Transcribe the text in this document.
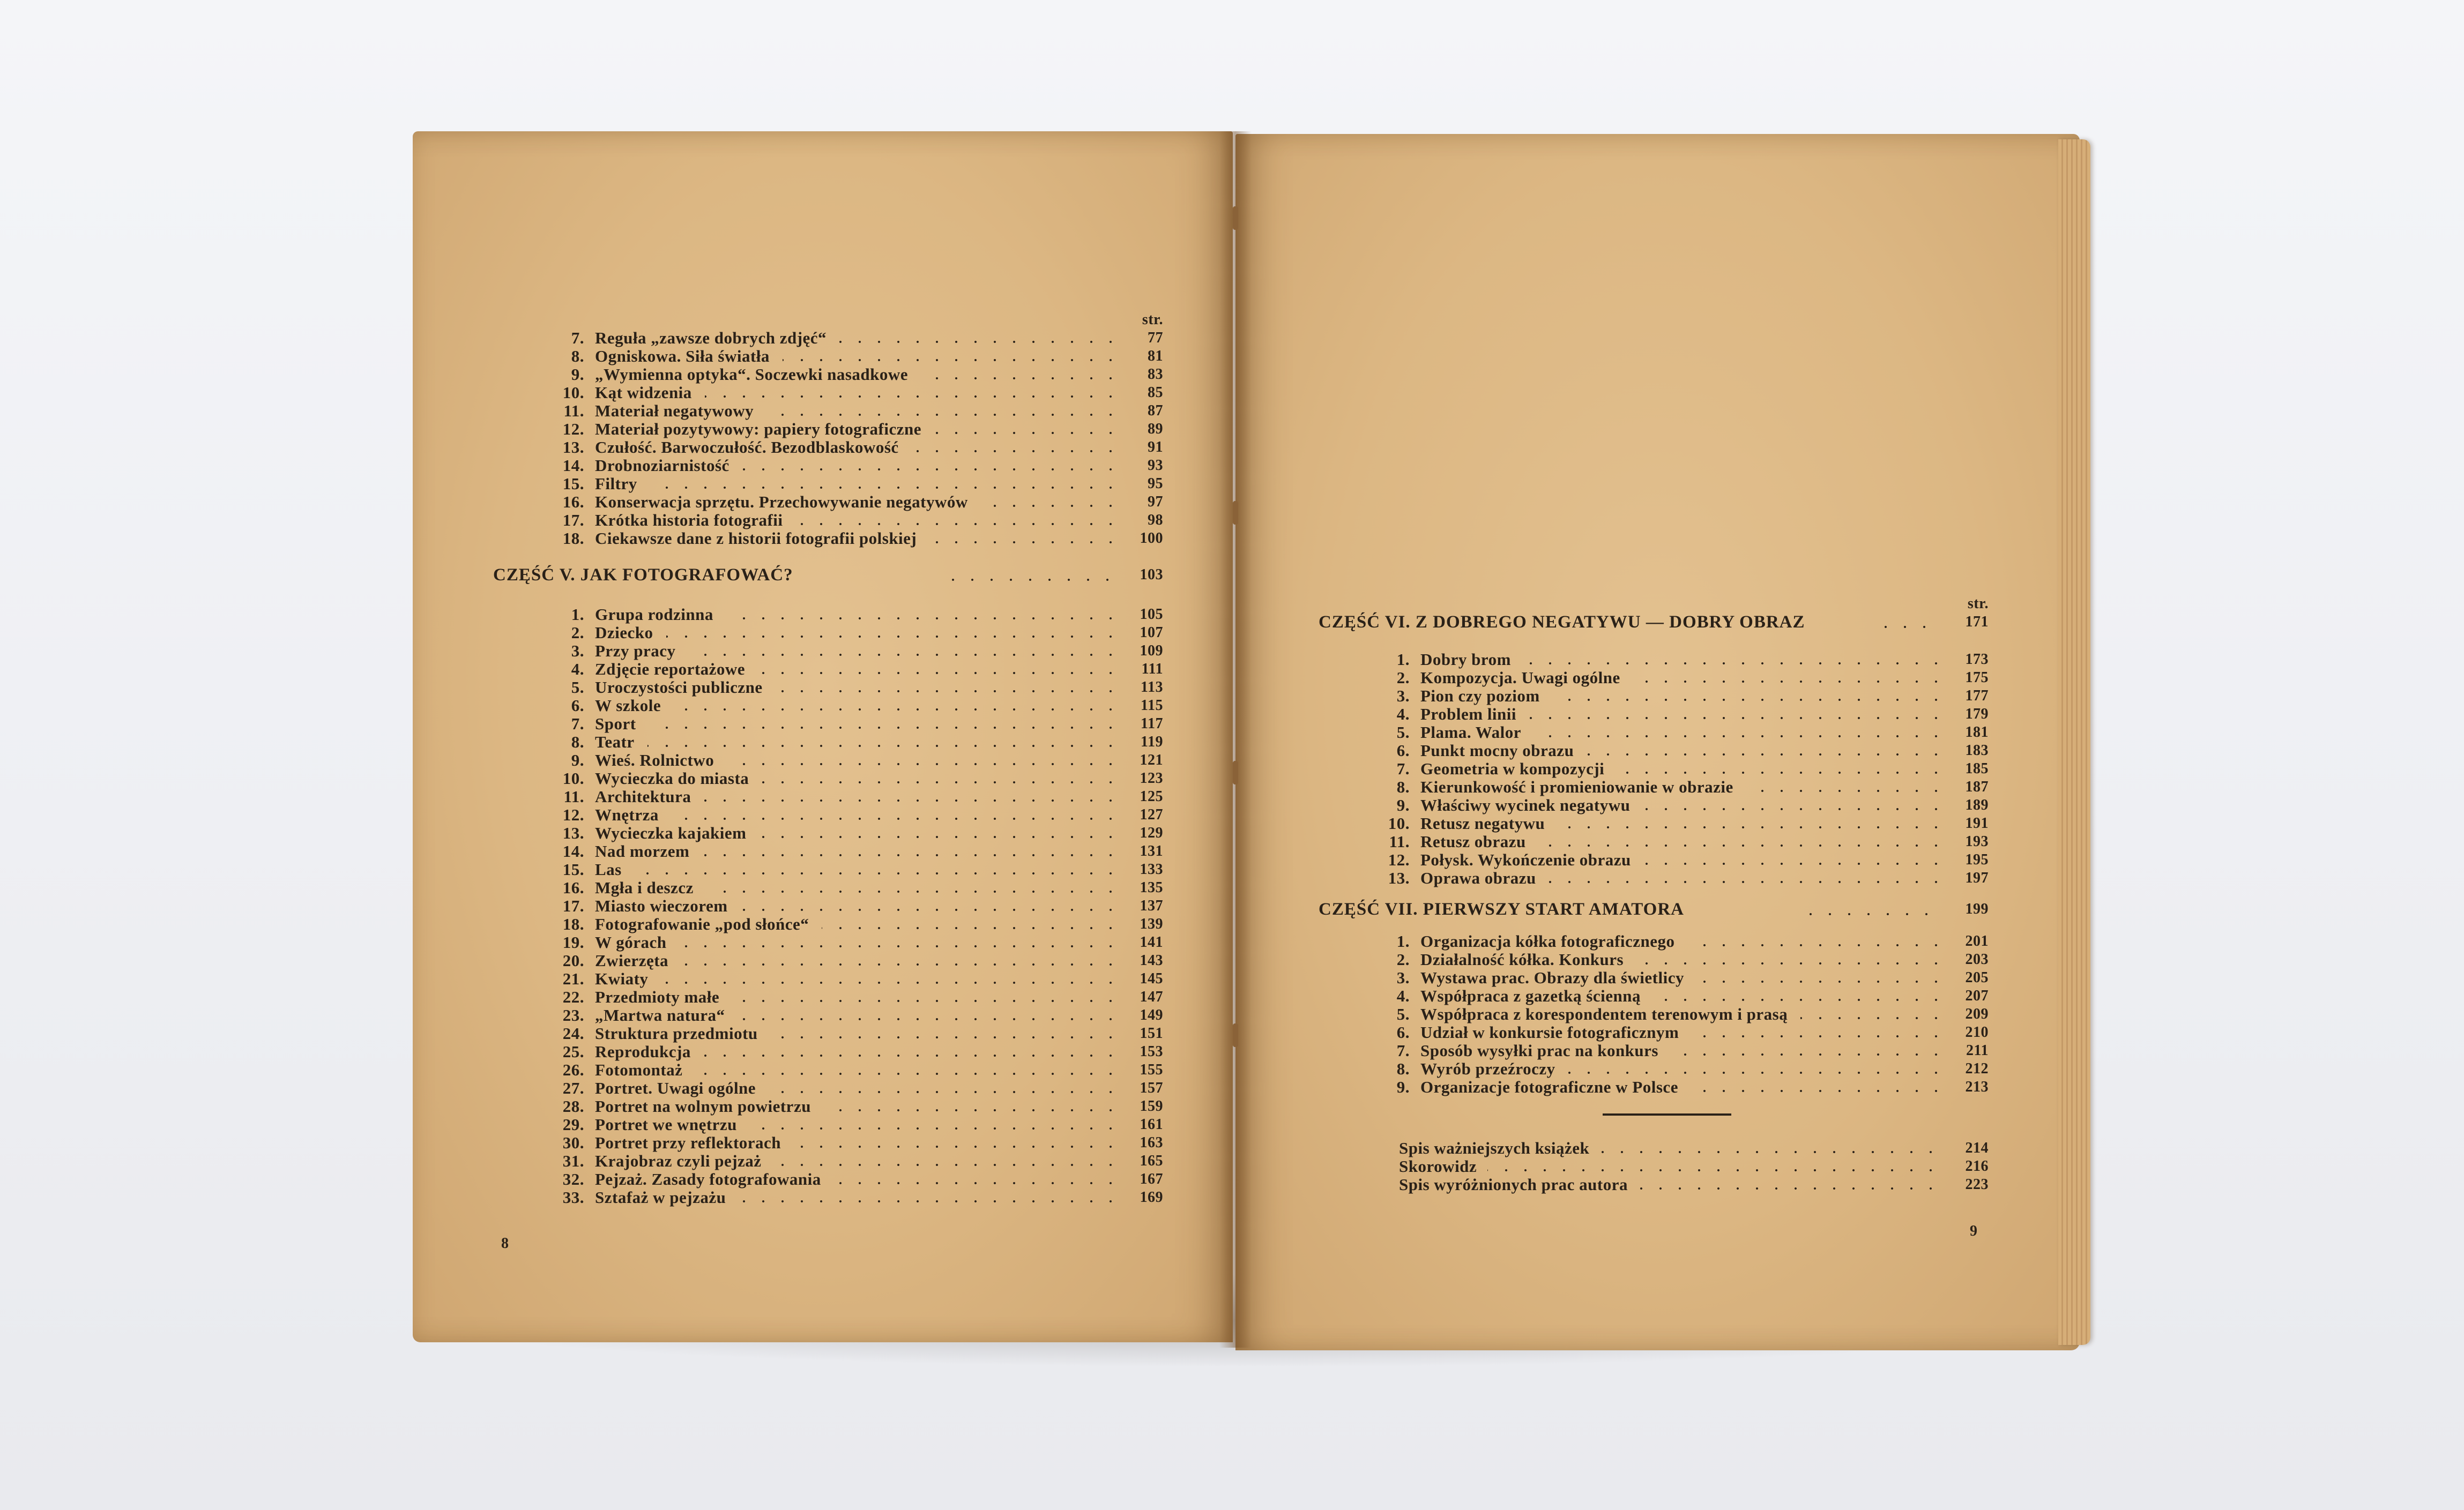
str.
7. Reguła „zawsze dobrych zdjęć“	77
8. Ogniskowa. Siła światła	81
9. „Wymienna optyka“. Soczewki nasadkowe	83
10. Kąt widzenia	85
11. Materiał negatywowy	87
12. Materiał pozytywowy: papiery fotograficzne	89
13. Czułość. Barwoczułość. Bezodblaskowość	91
14. Drobnoziarnistość	93
15. Filtry	95
16. Konserwacja sprzętu. Przechowywanie negatywów	97
17. Krótka historia fotografii	98
18. Ciekawsze dane z historii fotografii polskiej	100
CZĘŚĆ V. JAK FOTOGRAFOWAĆ?	103
1. Grupa rodzinna	105
2. Dziecko	107
3. Przy pracy	109
4. Zdjęcie reportażowe	111
5. Uroczystości publiczne	113
6. W szkole	115
7. Sport	117
8. Teatr	119
9. Wieś. Rolnictwo	121
10. Wycieczka do miasta	123
11. Architektura	125
12. Wnętrza	127
13. Wycieczka kajakiem	129
14. Nad morzem	131
15. Las	133
16. Mgła i deszcz	135
17. Miasto wieczorem	137
18. Fotografowanie „pod słońce“	139
19. W górach	141
20. Zwierzęta	143
21. Kwiaty	145
22. Przedmioty małe	147
23. „Martwa natura“	149
24. Struktura przedmiotu	151
25. Reprodukcja	153
26. Fotomontaż	155
27. Portret. Uwagi ogólne	157
28. Portret na wolnym powietrzu	159
29. Portret we wnętrzu	161
30. Portret przy reflektorach	163
31. Krajobraz czyli pejzaż	165
32. Pejzaż. Zasady fotografowania	167
33. Sztafaż w pejzażu	169
8
str.
CZĘŚĆ VI. Z DOBREGO NEGATYWU — DOBRY OBRAZ	171
1. Dobry brom	173
2. Kompozycja. Uwagi ogólne	175
3. Pion czy poziom	177
4. Problem linii	179
5. Plama. Walor	181
6. Punkt mocny obrazu	183
7. Geometria w kompozycji	185
8. Kierunkowość i promieniowanie w obrazie	187
9. Właściwy wycinek negatywu	189
10. Retusz negatywu	191
11. Retusz obrazu	193
12. Połysk. Wykończenie obrazu	195
13. Oprawa obrazu	197
CZĘŚĆ VII. PIERWSZY START AMATORA	199
1. Organizacja kółka fotograficznego	201
2. Działalność kółka. Konkurs	203
3. Wystawa prac. Obrazy dla świetlicy	205
4. Współpraca z gazetką ścienną	207
5. Współpraca z korespondentem terenowym i prasą	209
6. Udział w konkursie fotograficznym	210
7. Sposób wysyłki prac na konkurs	211
8. Wyrób przeźroczy	212
9. Organizacje fotograficzne w Polsce	213
Spis ważniejszych książek	214
Skorowidz	216
Spis wyróżnionych prac autora	223
9
